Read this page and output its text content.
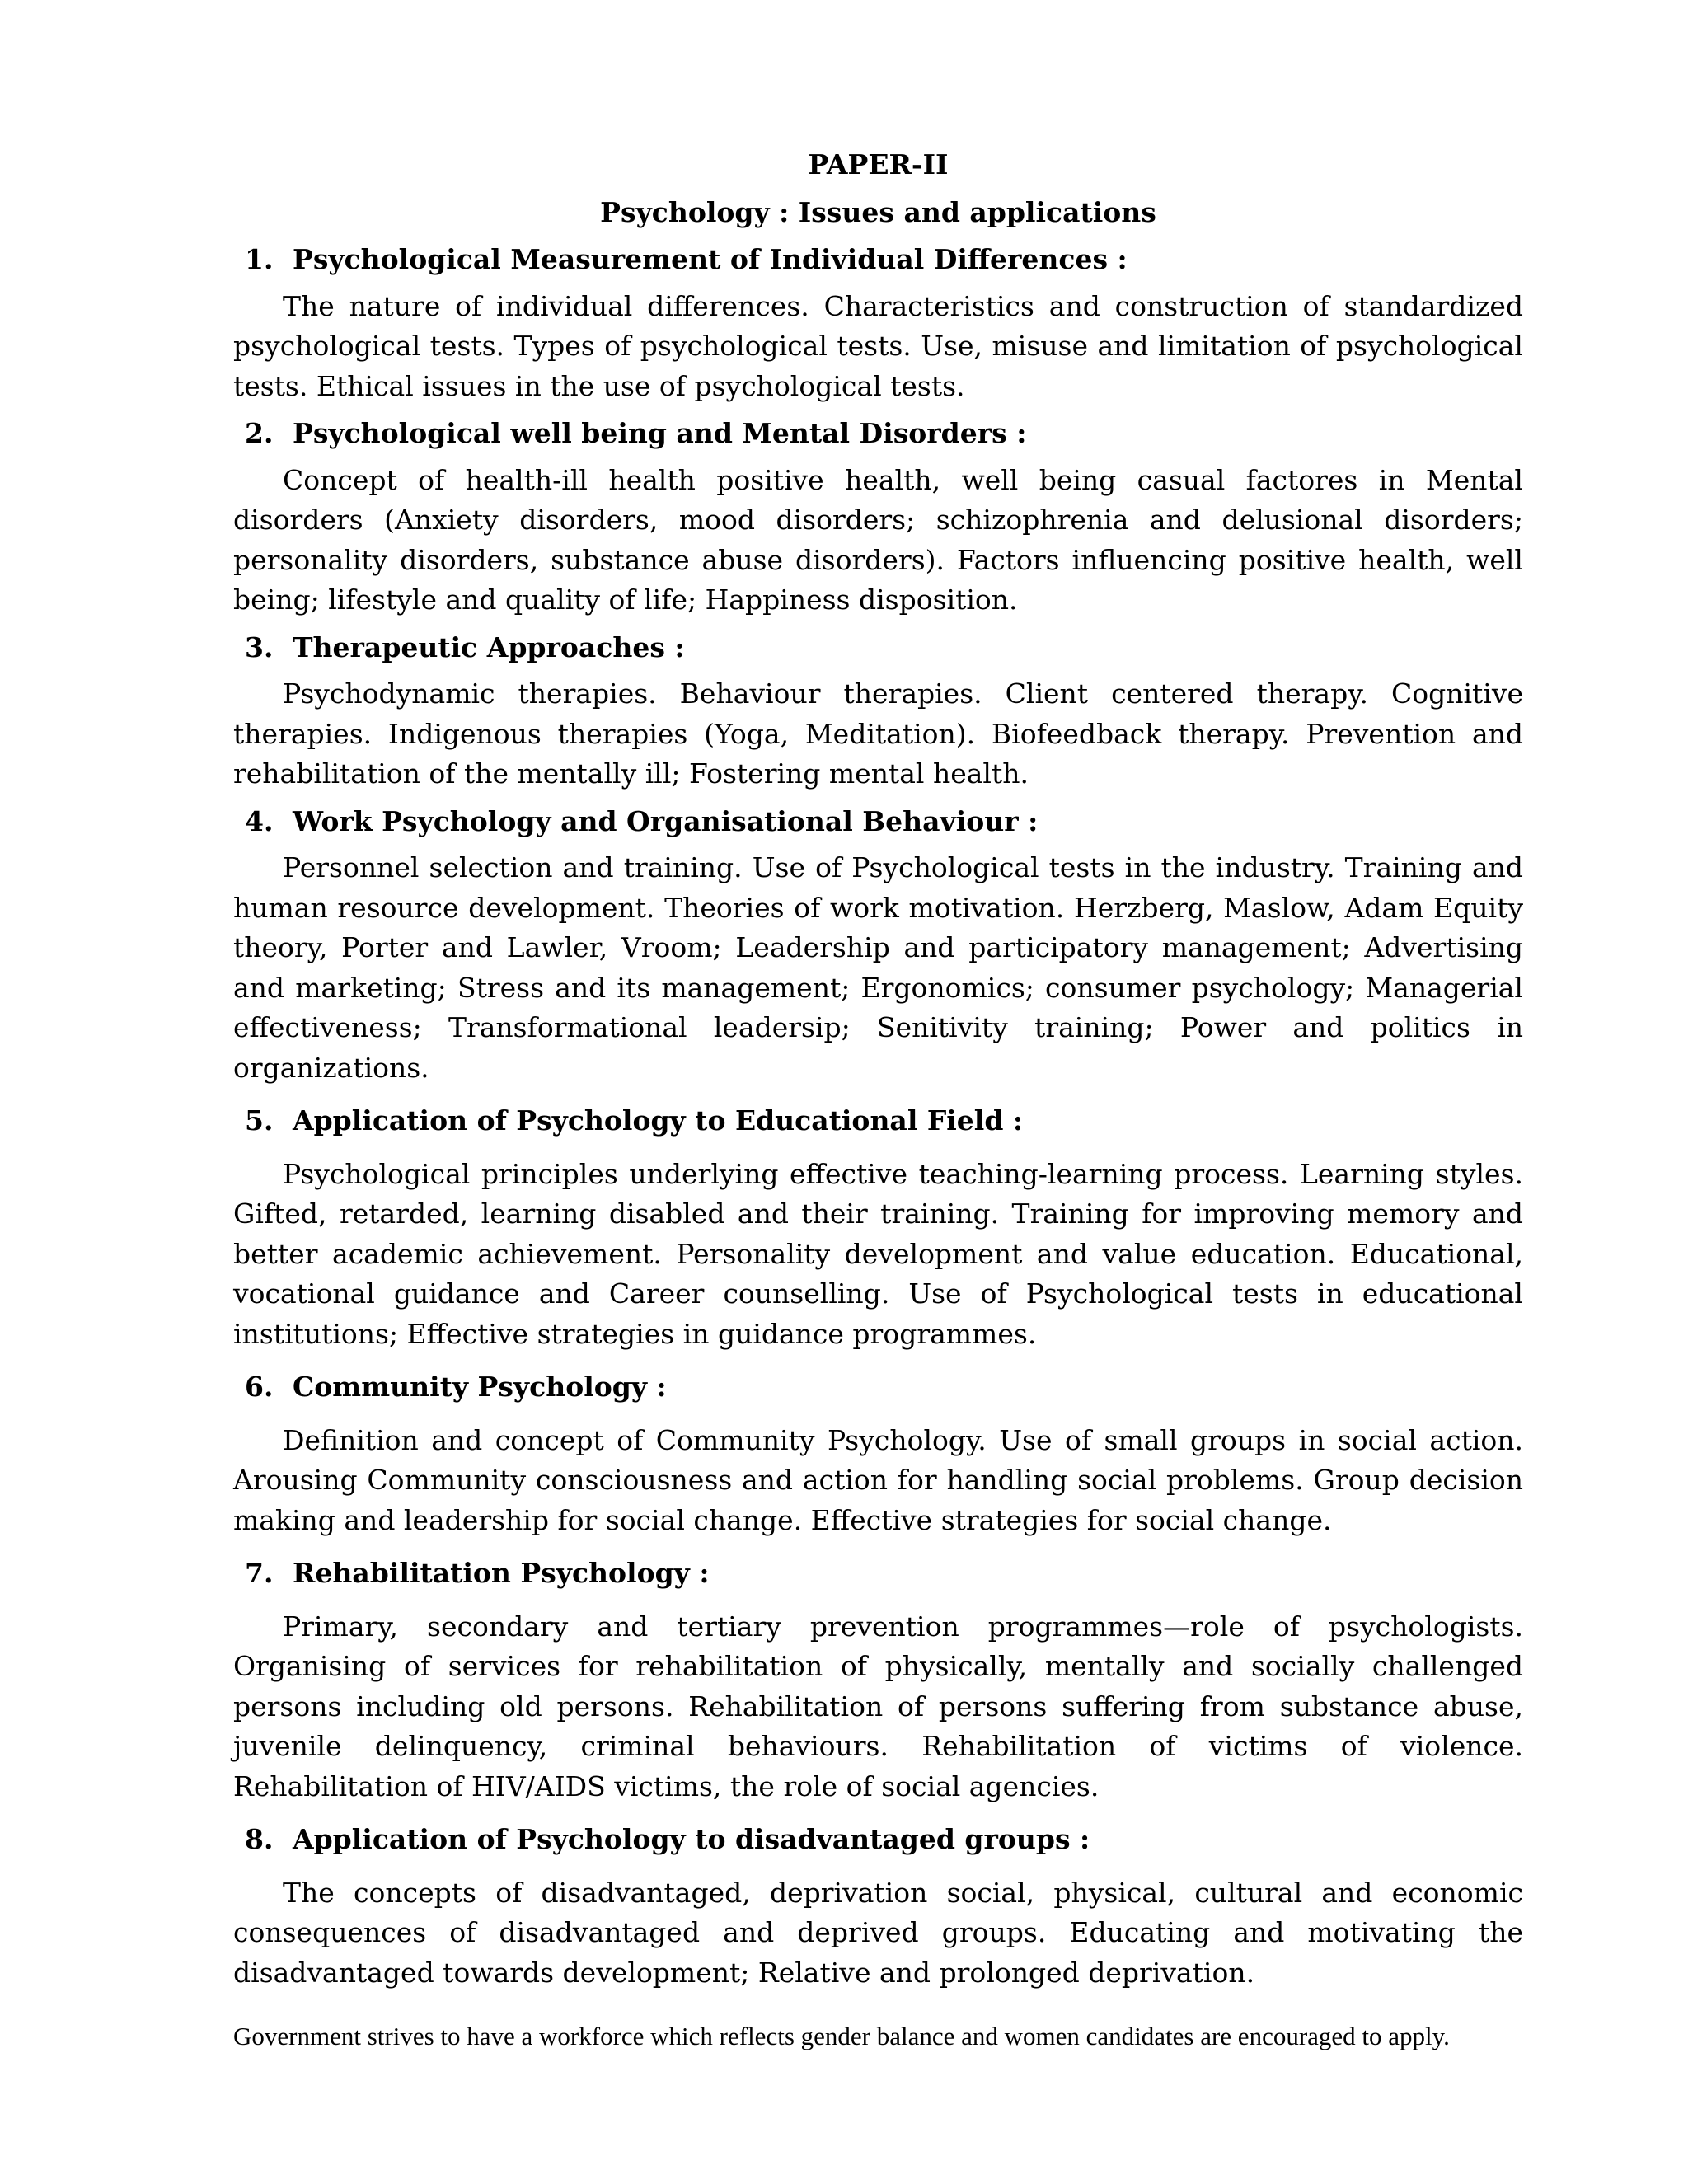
PAPER-II

Psychology : Issues and applications

1. Psychological Measurement of Individual Differences :

The nature of individual differences. Characteristics and construction of standardized psychological tests. Types of psychological tests. Use, misuse and limitation of psychological tests. Ethical issues in the use of psychological tests.

2. Psychological well being and Mental Disorders :

Concept of health-ill health positive health, well being casual factores in Mental disorders (Anxiety disorders, mood disorders; schizophrenia and delusional disorders; personality disorders, substance abuse disorders). Factors influencing positive health, well being; lifestyle and quality of life; Happiness disposition.

3. Therapeutic Approaches :

Psychodynamic therapies. Behaviour therapies. Client centered therapy. Cognitive therapies. Indigenous therapies (Yoga, Meditation). Biofeedback therapy. Prevention and rehabilitation of the mentally ill; Fostering mental health.

4. Work Psychology and Organisational Behaviour :

Personnel selection and training. Use of Psychological tests in the industry. Training and human resource development. Theories of work motivation. Herzberg, Maslow, Adam Equity theory, Porter and Lawler, Vroom; Leadership and participatory management; Advertising and marketing; Stress and its management; Ergonomics; consumer psychology; Managerial effectiveness; Transformational leadersip; Senitivity training; Power and politics in organizations.

5. Application of Psychology to Educational Field :

Psychological principles underlying effective teaching-learning process. Learning styles. Gifted, retarded, learning disabled and their training. Training for improving memory and better academic achievement. Personality development and value education. Educational, vocational guidance and Career counselling. Use of Psychological tests in educational institutions; Effective strategies in guidance programmes.

6. Community Psychology :

Definition and concept of Community Psychology. Use of small groups in social action. Arousing Community consciousness and action for handling social problems. Group decision making and leadership for social change. Effective strategies for social change.

7. Rehabilitation Psychology :

Primary, secondary and tertiary prevention programmes—role of psychologists. Organising of services for rehabilitation of physically, mentally and socially challenged persons including old persons. Rehabilitation of persons suffering from substance abuse, juvenile delinquency, criminal behaviours. Rehabilitation of victims of violence. Rehabilitation of HIV/AIDS victims, the role of social agencies.

8. Application of Psychology to disadvantaged groups :

The concepts of disadvantaged, deprivation social, physical, cultural and economic consequences of disadvantaged and deprived groups. Educating and motivating the disadvantaged towards development; Relative and prolonged deprivation.

Government strives to have a workforce which reflects gender balance and women candidates are encouraged to apply.
